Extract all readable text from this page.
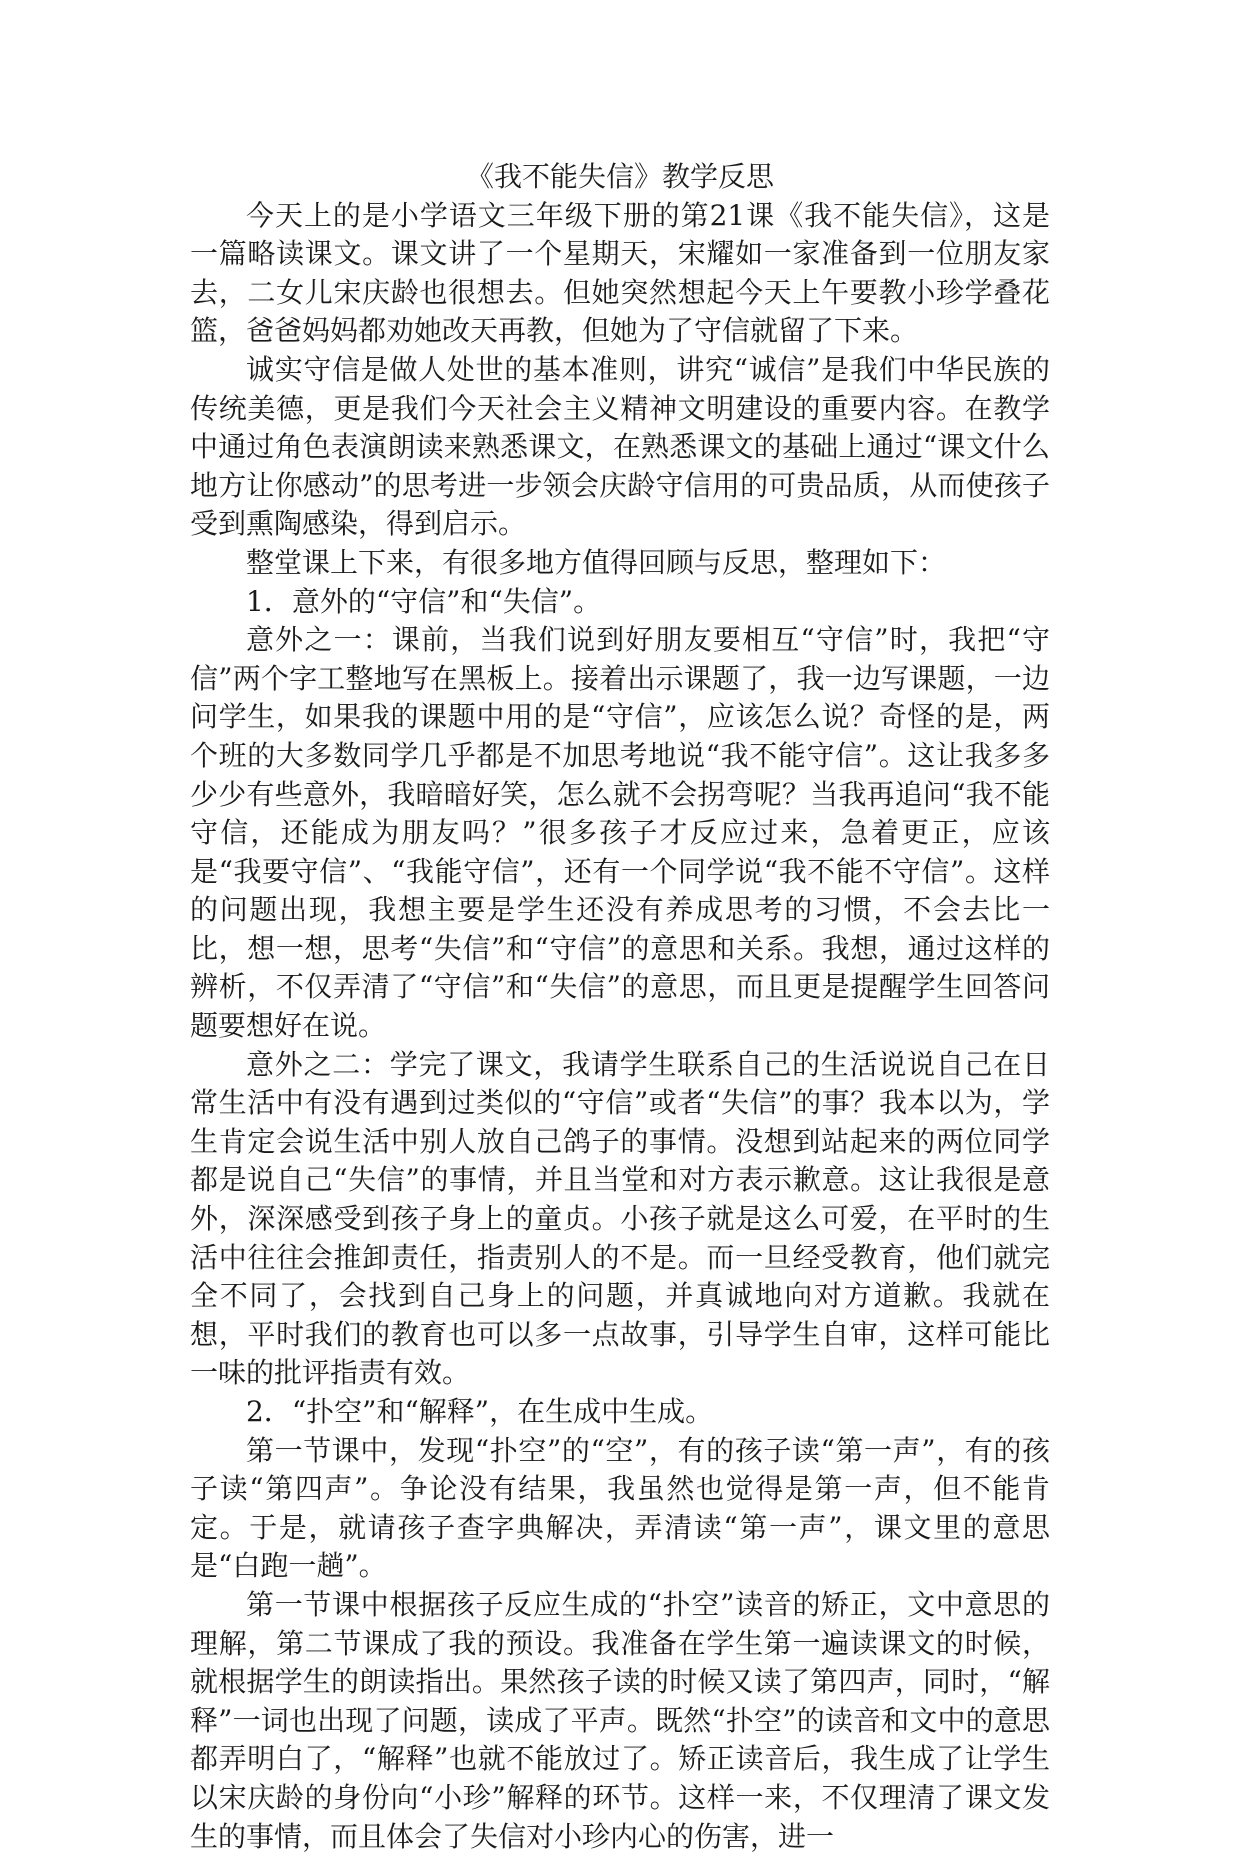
《我不能失信》教学反思

今天上的是小学语文三年级下册的第21课《我不能失信》，这是一篇略读课文。课文讲了一个星期天，宋耀如一家准备到一位朋友家去，二女儿宋庆龄也很想去。但她突然想起今天上午要教小珍学叠花篮，爸爸妈妈都劝她改天再教，但她为了守信就留了下来。

诚实守信是做人处世的基本准则，讲究“诚信”是我们中华民族的传统美德，更是我们今天社会主义精神文明建设的重要内容。在教学中通过角色表演朗读来熟悉课文，在熟悉课文的基础上通过“课文什么地方让你感动”的思考进一步领会庆龄守信用的可贵品质，从而使孩子受到熏陶感染，得到启示。

整堂课上下来，有很多地方值得回顾与反思，整理如下：

1．意外的“守信”和“失信”。

意外之一：课前，当我们说到好朋友要相互“守信”时，我把“守信”两个字工整地写在黑板上。接着出示课题了，我一边写课题，一边问学生，如果我的课题中用的是“守信”，应该怎么说？奇怪的是，两个班的大多数同学几乎都是不加思考地说“我不能守信”。这让我多多少少有些意外，我暗暗好笑，怎么就不会拐弯呢？当我再追问“我不能守信，还能成为朋友吗？”很多孩子才反应过来，急着更正，应该是“我要守信”、“我能守信”，还有一个同学说“我不能不守信”。这样的问题出现，我想主要是学生还没有养成思考的习惯，不会去比一比，想一想，思考“失信”和“守信”的意思和关系。我想，通过这样的辨析，不仅弄清了“守信”和“失信”的意思，而且更是提醒学生回答问题要想好在说。

意外之二：学完了课文，我请学生联系自己的生活说说自己在日常生活中有没有遇到过类似的“守信”或者“失信”的事？我本以为，学生肯定会说生活中别人放自己鸽子的事情。没想到站起来的两位同学都是说自己“失信”的事情，并且当堂和对方表示歉意。这让我很是意外，深深感受到孩子身上的童贞。小孩子就是这么可爱，在平时的生活中往往会推卸责任，指责别人的不是。而一旦经受教育，他们就完全不同了，会找到自己身上的问题，并真诚地向对方道歉。我就在想，平时我们的教育也可以多一点故事，引导学生自审，这样可能比一味的批评指责有效。

2．“扑空”和“解释”，在生成中生成。

第一节课中，发现“扑空”的“空”，有的孩子读“第一声”，有的孩子读“第四声”。争论没有结果，我虽然也觉得是第一声，但不能肯定。于是，就请孩子查字典解决，弄清读“第一声”，课文里的意思是“白跑一趟”。

第一节课中根据孩子反应生成的“扑空”读音的矫正，文中意思的理解，第二节课成了我的预设。我准备在学生第一遍读课文的时候，就根据学生的朗读指出。果然孩子读的时候又读了第四声，同时，“解释”一词也出现了问题，读成了平声。既然“扑空”的读音和文中的意思都弄明白了，“解释”也就不能放过了。矫正读音后，我生成了让学生以宋庆龄的身份向“小珍”解释的环节。这样一来，不仅理清了课文发生的事情，而且体会了失信对小珍内心的伤害，进一
